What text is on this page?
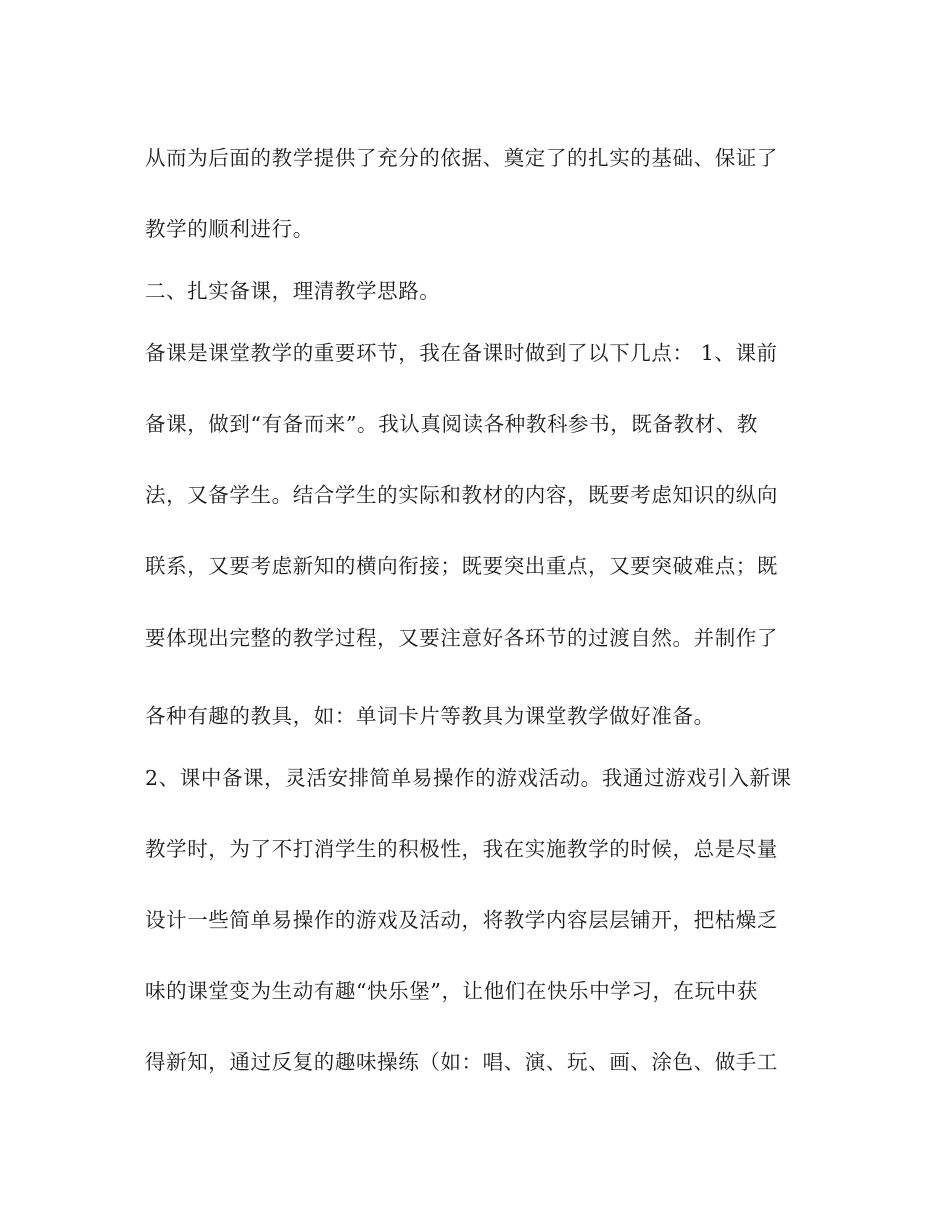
从而为后面的教学提供了充分的依据、奠定了的扎实的基础、保证了
教学的顺利进行。
二、扎实备课，理清教学思路。
备课是课堂教学的重要环节，我在备课时做到了以下几点： 1、课前
备课，做到“有备而来”。我认真阅读各种教科参书，既备教材、教
法，又备学生。结合学生的实际和教材的内容，既要考虑知识的纵向
联系，又要考虑新知的横向衔接；既要突出重点，又要突破难点；既
要体现出完整的教学过程，又要注意好各环节的过渡自然。并制作了
各种有趣的教具，如：单词卡片等教具为课堂教学做好准备。
2、课中备课，灵活安排简单易操作的游戏活动。我通过游戏引入新课
教学时，为了不打消学生的积极性，我在实施教学的时候，总是尽量
设计一些简单易操作的游戏及活动，将教学内容层层铺开，把枯燥乏
味的课堂变为生动有趣“快乐堡”，让他们在快乐中学习，在玩中获
得新知，通过反复的趣味操练（如：唱、演、玩、画、涂色、做手工
